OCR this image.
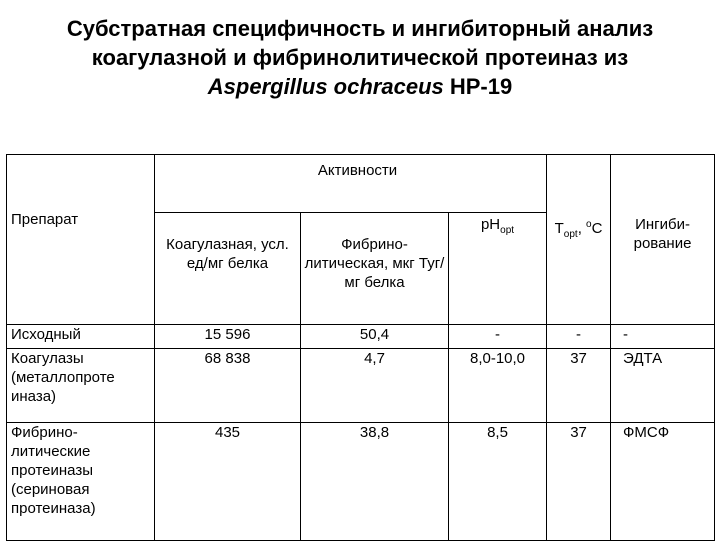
Субстратная специфичность и ингибиторный анализ
коагулазной и фибринолитической протеиназ из
Aspergillus ochraceus НР-19
Препарат	Активности			$T_{opt}$, $^o$C	Ингиби- рование
	Коагулазная, усл. ед/мг белка	Фибрино- литическая, мкг Туг/ мг белка	$pH_{opt}$
Исходный	15 596	50,4	-	-	-
Коагулазы (металлопроте иназа)	68 838	4,7	8,0-10,0	37	ЭДТА
Фибрино- литические протеиназы (сериновая протеиназа)	435	38,8	8,5	37	ФМСФ
